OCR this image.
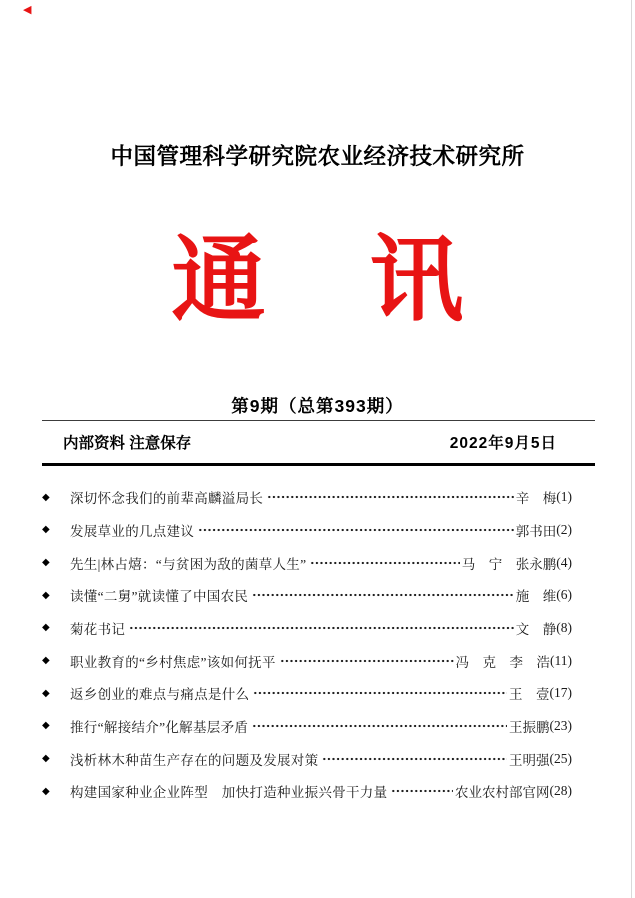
◀
中国管理科学研究院农业经济技术研究所
通 讯
第9期（总第393期）
内部资料 注意保存	2022年9月5日
◆	深切怀念我们的前辈高麟溢局长	辛　梅 (1)
◆	发展草业的几点建议	郭书田 (2)
◆	先生|林占熺：“与贫困为敌的菌草人生”	马　宁　张永鹏 (4)
◆	读懂“二舅”就读懂了中国农民	施　维 (6)
◆	菊花书记	文　静 (8)
◆	职业教育的“乡村焦虑”该如何抚平	冯　克　李　浩 (11)
◆	返乡创业的难点与痛点是什么	王　壹 (17)
◆	推行“解接结介”化解基层矛盾	王振鹏 (23)
◆	浅析林木种苗生产存在的问题及发展对策	王明强 (25)
◆	构建国家种业企业阵型　加快打造种业振兴骨干力量	农业农村部官网 (28)
